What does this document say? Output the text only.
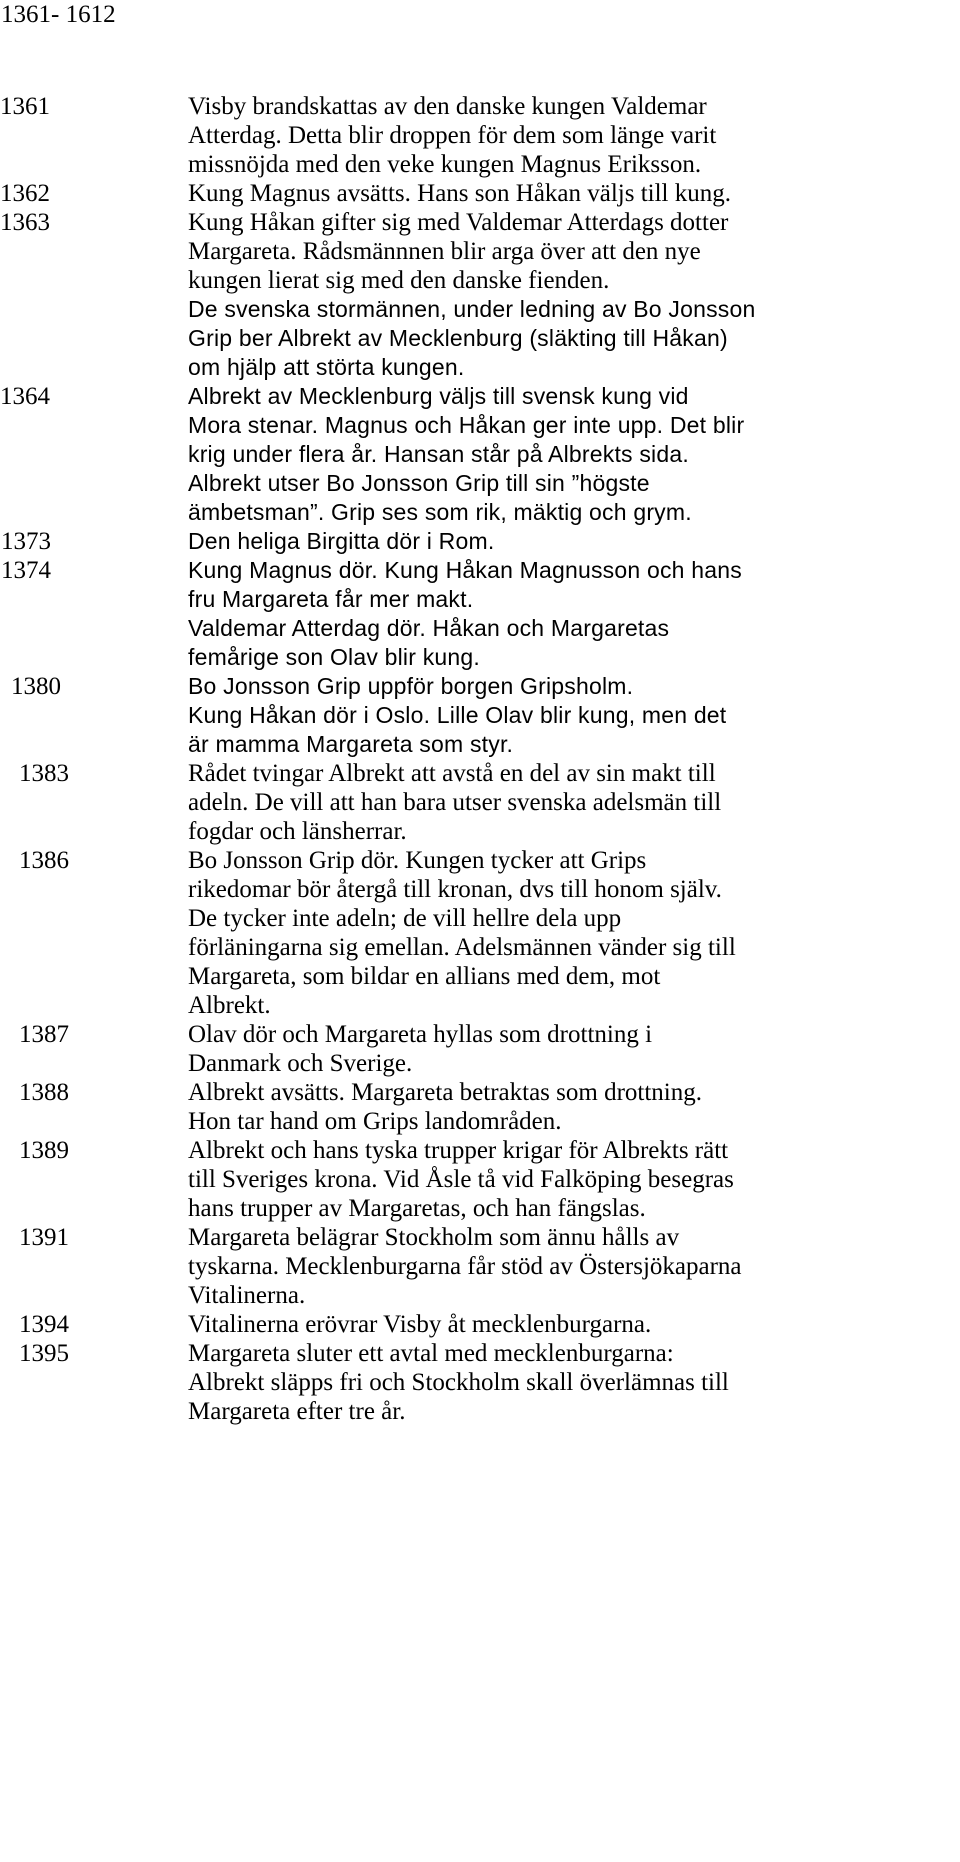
1361- 1612
1361	Visby brandskattas av den danske kungen Valdemar
Atterdag. Detta blir droppen för dem som länge varit
missnöjda med den veke kungen Magnus Eriksson.
1362	Kung Magnus avsätts. Hans son Håkan väljs till kung.
1363	Kung Håkan gifter sig med Valdemar Atterdags dotter
Margareta. Rådsmännnen blir arga över att den nye
kungen lierat sig med den danske fienden.
De svenska stormännen, under ledning av Bo Jonsson
Grip ber Albrekt av Mecklenburg (släkting till Håkan)
om hjälp att störta kungen.
1364	Albrekt av Mecklenburg väljs till svensk kung vid
Mora stenar. Magnus och Håkan ger inte upp. Det blir
krig under flera år. Hansan står på Albrekts sida.
Albrekt utser Bo Jonsson Grip till sin ”högste
ämbetsman”. Grip ses som rik, mäktig och grym.
1373	Den heliga Birgitta dör i Rom.
1374	Kung Magnus dör. Kung Håkan Magnusson och hans
fru Margareta får mer makt.
Valdemar Atterdag dör. Håkan och Margaretas
femårige son Olav blir kung.
1380	Bo Jonsson Grip uppför borgen Gripsholm.
Kung Håkan dör i Oslo. Lille Olav blir kung, men det
är mamma Margareta som styr.
1383	Rådet tvingar Albrekt att avstå en del av sin makt till
adeln. De vill att han bara utser svenska adelsmän till
fogdar och länsherrar.
1386	Bo Jonsson Grip dör. Kungen tycker att Grips
rikedomar bör återgå till kronan, dvs till honom själv.
De tycker inte adeln; de vill hellre dela upp
förläningarna sig emellan. Adelsmännen vänder sig till
Margareta, som bildar en allians med dem, mot
Albrekt.
1387	Olav dör och Margareta hyllas som drottning i
Danmark och Sverige.
1388	Albrekt avsätts. Margareta betraktas som drottning.
Hon tar hand om Grips landområden.
1389	Albrekt och hans tyska trupper krigar för Albrekts rätt
till Sveriges krona. Vid Åsle tå vid Falköping besegras
hans trupper av Margaretas, och han fängslas.
1391	Margareta belägrar Stockholm som ännu hålls av
tyskarna. Mecklenburgarna får stöd av Östersjökaparna
Vitalinerna.
1394	Vitalinerna erövrar Visby åt mecklenburgarna.
1395	Margareta sluter ett avtal med mecklenburgarna:
Albrekt släpps fri och Stockholm skall överlämnas till
Margareta efter tre år.
